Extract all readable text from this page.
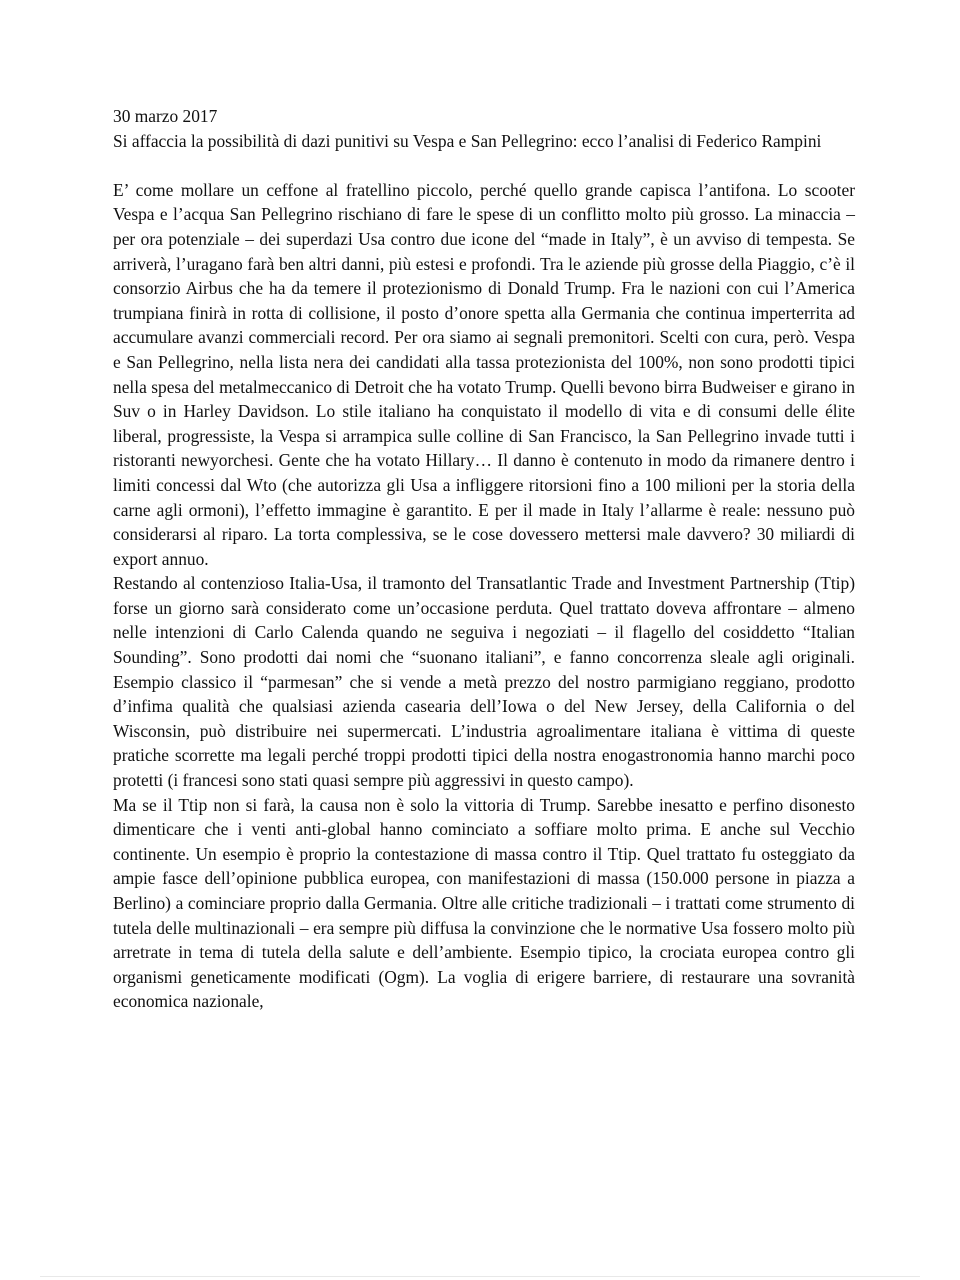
30 marzo 2017

Si affaccia la possibilità di dazi punitivi su Vespa e San Pellegrino: ecco l’analisi di Federico Rampini

E’ come mollare un ceffone al fratellino piccolo, perché quello grande capisca l’antifona. Lo scooter Vespa e l’acqua San Pellegrino rischiano di fare le spese di un conflitto molto più grosso. La minaccia – per ora potenziale – dei superdazi Usa contro due icone del “made in Italy”, è un avviso di tempesta. Se arriverà, l’uragano farà ben altri danni, più estesi e profondi. Tra le aziende più grosse della Piaggio, c’è il consorzio Airbus che ha da temere il protezionismo di Donald Trump. Fra le nazioni con cui l’America trumpiana finirà in rotta di collisione, il posto d’onore spetta alla Germania che continua imperterrita ad accumulare avanzi commerciali record. Per ora siamo ai segnali premonitori. Scelti con cura, però. Vespa e San Pellegrino, nella lista nera dei candidati alla tassa protezionista del 100%, non sono prodotti tipici nella spesa del metalmeccanico di Detroit che ha votato Trump. Quelli bevono birra Budweiser e girano in Suv o in Harley Davidson. Lo stile italiano ha conquistato il modello di vita e di consumi delle élite liberal, progressiste, la Vespa si arrampica sulle colline di San Francisco, la San Pellegrino invade tutti i ristoranti newyorchesi. Gente che ha votato Hillary… Il danno è contenuto in modo da rimanere dentro i limiti concessi dal Wto (che autorizza gli Usa a infliggere ritorsioni fino a 100 milioni per la storia della carne agli ormoni), l’effetto immagine è garantito. E per il made in Italy l’allarme è reale: nessuno può considerarsi al riparo. La torta complessiva, se le cose dovessero mettersi male davvero? 30 miliardi di export annuo.

Restando al contenzioso Italia-Usa, il tramonto del Transatlantic Trade and Investment Partnership (Ttip) forse un giorno sarà considerato come un’occasione perduta. Quel trattato doveva affrontare – almeno nelle intenzioni di Carlo Calenda quando ne seguiva i negoziati – il flagello del cosiddetto “Italian Sounding”. Sono prodotti dai nomi che “suonano italiani”, e fanno concorrenza sleale agli originali. Esempio classico il “parmesan” che si vende a metà prezzo del nostro parmigiano reggiano, prodotto d’infima qualità che qualsiasi azienda casearia dell’Iowa o del New Jersey, della California o del Wisconsin, può distribuire nei supermercati. L’industria agroalimentare italiana è vittima di queste pratiche scorrette ma legali perché troppi prodotti tipici della nostra enogastronomia hanno marchi poco protetti (i francesi sono stati quasi sempre più aggressivi in questo campo).

Ma se il Ttip non si farà, la causa non è solo la vittoria di Trump. Sarebbe inesatto e perfino disonesto dimenticare che i venti anti-global hanno cominciato a soffiare molto prima. E anche sul Vecchio continente. Un esempio è proprio la contestazione di massa contro il Ttip. Quel trattato fu osteggiato da ampie fasce dell’opinione pubblica europea, con manifestazioni di massa (150.000 persone in piazza a Berlino) a cominciare proprio dalla Germania. Oltre alle critiche tradizionali – i trattati come strumento di tutela delle multinazionali – era sempre più diffusa la convinzione che le normative Usa fossero molto più arretrate in tema di tutela della salute e dell’ambiente. Esempio tipico, la crociata europea contro gli organismi geneticamente modificati (Ogm). La voglia di erigere barriere, di restaurare una sovranità economica nazionale,
